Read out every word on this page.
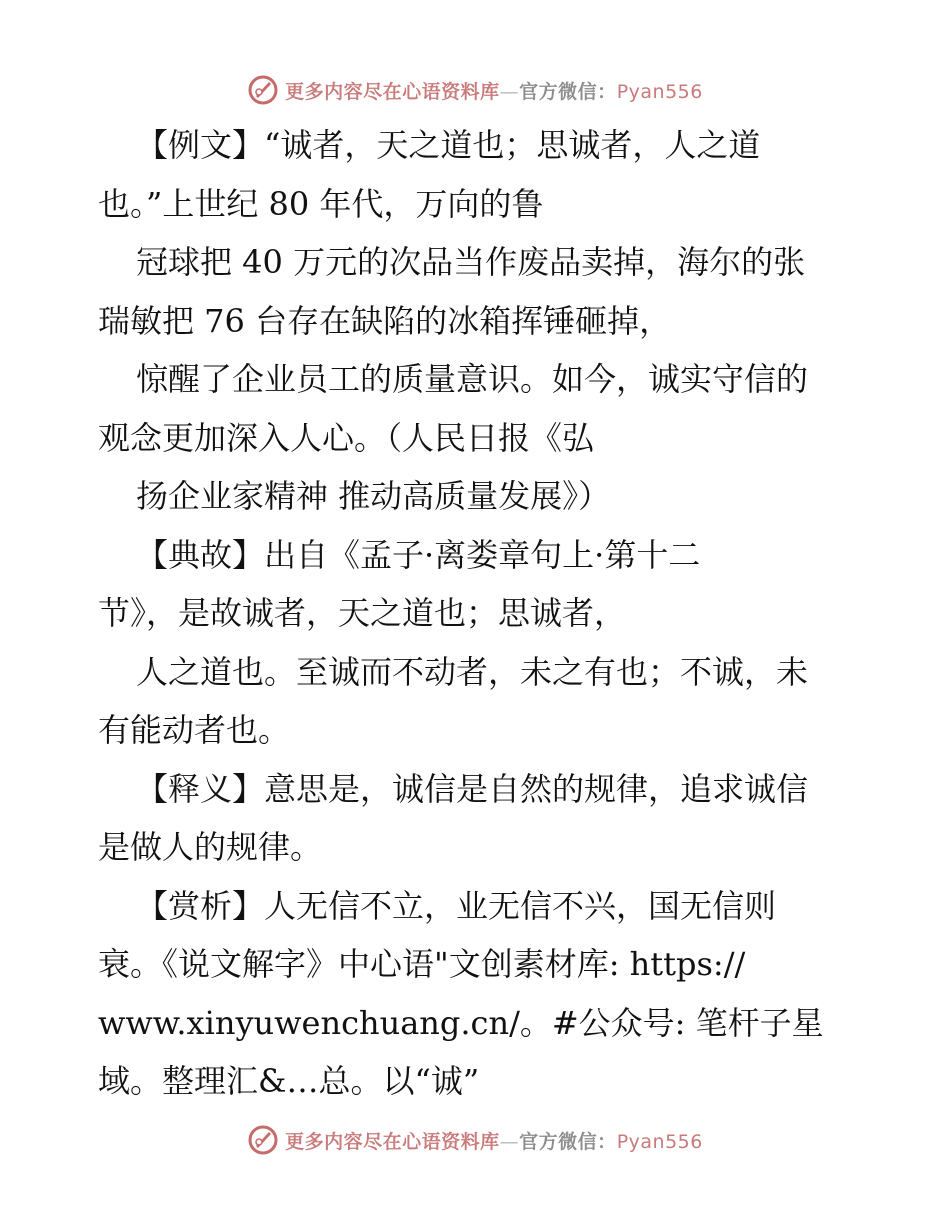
更多内容尽在心语资料库—官方微信：Pyan556
【例文】“诚者，天之道也；思诚者，人之道
也。”上世纪 80 年代，万向的鲁
冠球把 40 万元的次品当作废品卖掉，海尔的张
瑞敏把 76 台存在缺陷的冰箱挥锤砸掉，
惊醒了企业员工的质量意识。如今，诚实守信的
观念更加深入人心。（人民日报《弘
扬企业家精神 推动高质量发展》）
【典故】出自《孟子·离娄章句上·第十二
节》，是故诚者，天之道也；思诚者，
人之道也。至诚而不动者，未之有也；不诚，未
有能动者也。
【释义】意思是，诚信是自然的规律，追求诚信
是做人的规律。
【赏析】人无信不立，业无信不兴，国无信则
衰。《说文解字》中心语"文创素材库: https://
www.xinyuwenchuang.cn/。#公众号: 笔杆子星
域。整理汇&…总。以“诚”
更多内容尽在心语资料库—官方微信：Pyan556
